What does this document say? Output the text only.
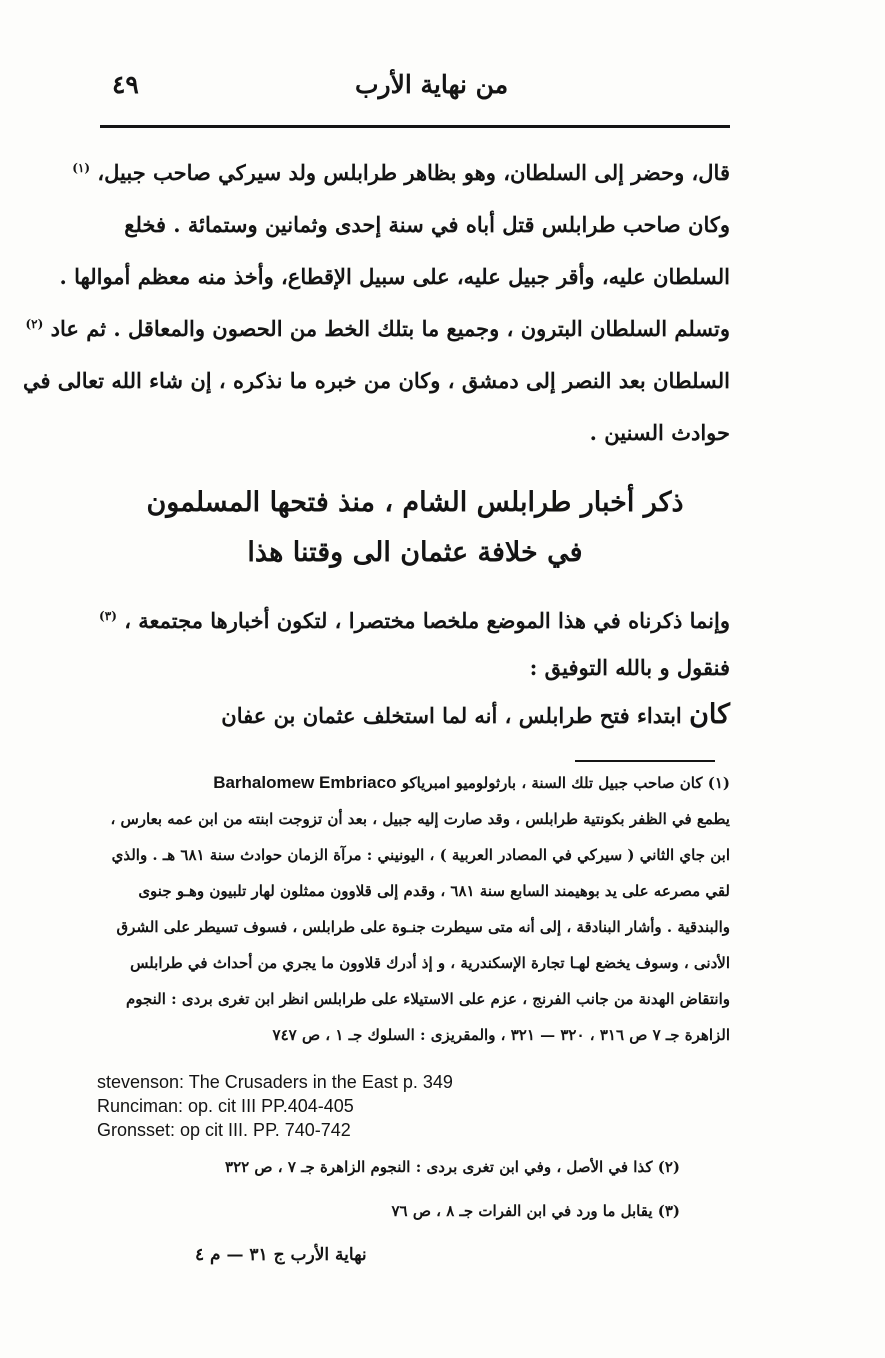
٤٩	من نهاية الأرب
قال، وحضر إلى السلطان، وهو بظاهر طرابلس ولد سيركي صاحب جبيل، $^{(١)}$
وكان صاحب طرابلس قتل أباه في سنة إحدى وثمانين وستمائة . فخلع
السلطان عليه، وأقر جبيل عليه، على سبيل الإقطاع، وأخذ منه معظم أموالها .
وتسلم السلطان البترون ، وجميع ما بتلك الخط من الحصون والمعاقل . ثم عاد $^{(٢)}$
السلطان بعد النصر إلى دمشق ، وكان من خبره ما نذكره ، إن شاء الله تعالى في
حوادث السنين .
ذكر أخبار طرابلس الشام ، منذ فتحها المسلمون
في خلافة عثمان الى وقتنا هذا
وإنما ذكرناه في هذا الموضع ملخصا مختصرا ، لتكون أخبارها مجتمعة ، $^{(٣)}$
فنقول و بالله التوفيق :
كان ابتداء فتح طرابلس ، أنه لما استخلف عثمان بن عفان
(١) كان صاحب جبيل تلك السنة ، بارثولوميو امبرياكو Barhalomew Embriaco
يطمع في الظفر بكونتية طرابلس ، وقد صارت إليه جبيل ، بعد أن تزوجت ابنته من ابن عمه بعارس ،
ابن جاي الثاني ( سيركي في المصادر العربية ) ، اليونيني : مرآة الزمان حوادث سنة ٦٨١ هـ . والذي
لقي مصرعه على يد بوهيمند السابع سنة ٦٨١ ، وقدم إلى قلاوون ممثلون لهار تلبيون وهـو جنوى
والبندقية . وأشار البنادقة ، إلى أنه متى سيطرت جنـوة على طرابلس ، فسوف تسيطر على الشرق
الأدنى ، وسوف يخضع لهـا تجارة الإسكندرية ، و إذ أدرك قلاوون ما يجري من أحداث في طرابلس
وانتقاض الهدنة من جانب الفرنج ، عزم على الاستيلاء على طرابلس انظر ابن تغرى بردى : النجوم
الزاهرة جـ ٧ ص ٣١٦ ، ٣٢٠ — ٣٢١ ، والمقريزى : السلوك جـ ١ ، ص ٧٤٧
stevenson: The Crusaders in the East p. 349
Runciman: op. cit III PP.404-405
Gronsset: op cit III. PP. 740-742
(٢) كذا في الأصل ، وفي ابن تغرى بردى : النجوم الزاهرة جـ ٧ ، ص ٣٢٢
(٣) يقابل ما ورد في ابن الفرات جـ ٨ ، ص ٧٦
نهاية الأرب ج ٣١ — م ٤
